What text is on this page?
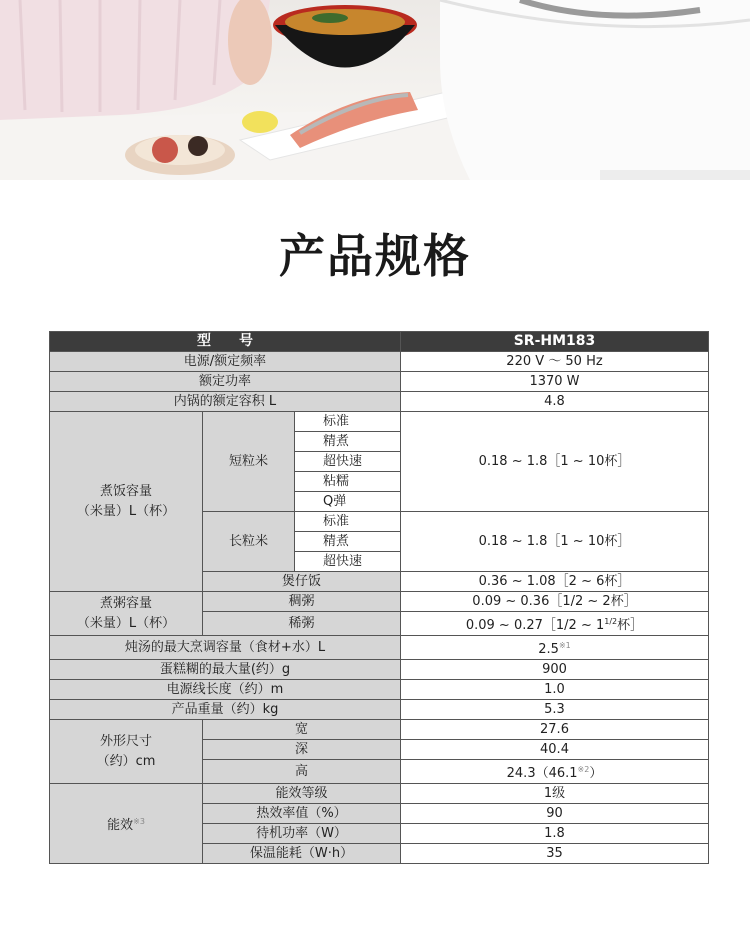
产品规格
型　　号			SR-HM183
电源/额定频率			220 V ～ 50 Hz
额定功率			1370 W
内锅的额定容积 L			4.8

煮饭容量
（米量）L（杯）	短粒米	标准	0.18 ~ 1.8［1 ~ 10杯］
		精煮	
		超快速	
		粘糯	
		Q弹	
	长粒米	标准	0.18 ~ 1.8［1 ~ 10杯］
		精煮	
		超快速	
	煲仔饭		0.36 ~ 1.08［2 ~ 6杯］

煮粥容量
（米量）L（杯）	稠粥		0.09 ~ 0.36［1/2 ~ 2杯］
	稀粥		0.09 ~ 0.27［1/2 ~ $1^{1/2}$杯］
炖汤的最大烹调容量（食材+水）L			2.5$^{※1}$
蛋糕糊的最大量(约）g			900
电源线长度（约）m			1.0
产品重量（约）kg			5.3

外形尺寸
（约）cm	宽		27.6
	深		40.4
	高		24.3（46.1$^{※2}$）
能效$^{※3}$	能效等级		1级
	热效率值（%）		90
	待机功率（W）		1.8
	保温能耗（W·h）		35
